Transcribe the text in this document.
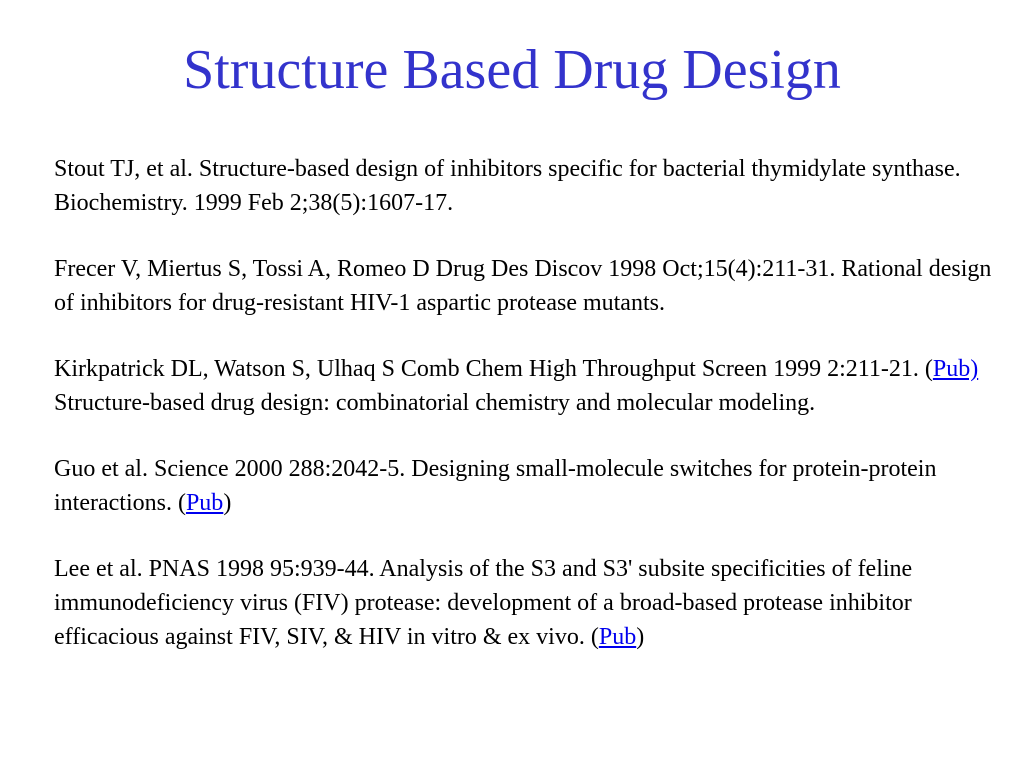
Structure Based Drug Design

Stout TJ, et al. Structure-based design of inhibitors specific for bacterial thymidylate synthase. Biochemistry. 1999 Feb 2;38(5):1607-17.

Frecer V, Miertus S, Tossi A, Romeo D Drug Des Discov 1998 Oct;15(4):211-31. Rational design of inhibitors for drug-resistant HIV-1 aspartic protease mutants.

Kirkpatrick DL, Watson S, Ulhaq S Comb Chem High Throughput Screen 1999 2:211-21. (Pub) Structure-based drug design: combinatorial chemistry and molecular modeling.

Guo et al. Science 2000 288:2042-5. Designing small-molecule switches for protein-protein interactions. (Pub)

Lee et al. PNAS 1998 95:939-44. Analysis of the S3 and S3' subsite specificities of feline immunodeficiency virus (FIV) protease: development of a broad-based protease inhibitor efficacious against FIV, SIV, & HIV in vitro & ex vivo. (Pub)
